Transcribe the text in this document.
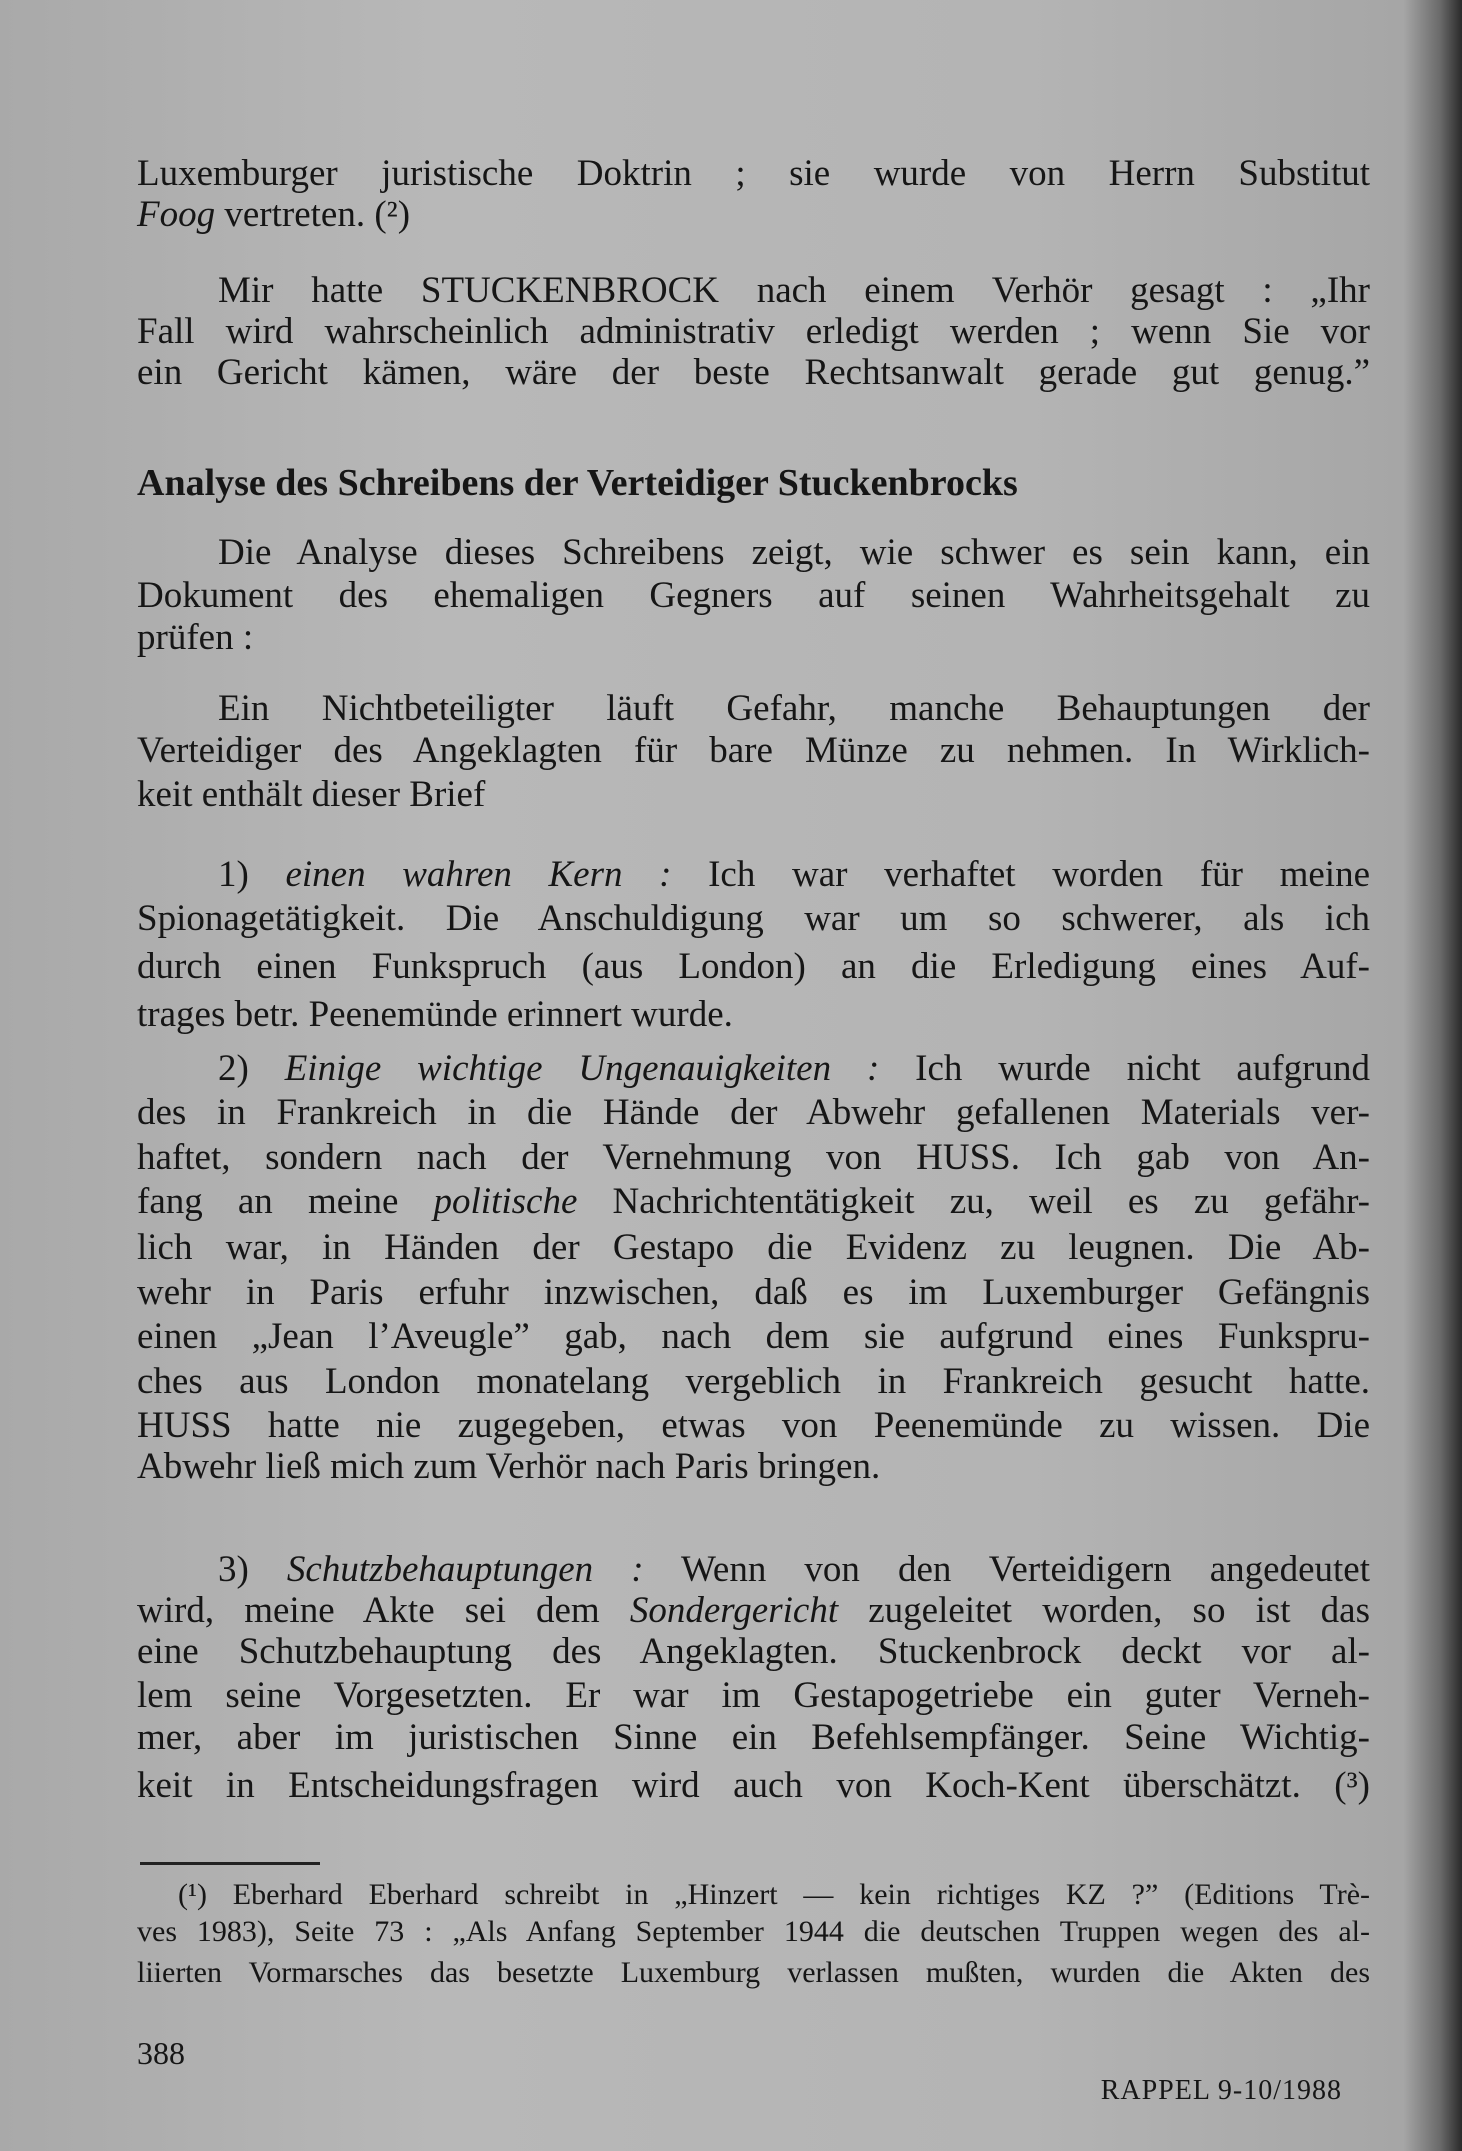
Luxemburger juristische Doktrin ; sie wurde von Herrn Substitut
Foog vertreten. (²)
Mir hatte STUCKENBROCK nach einem Verhör gesagt : „Ihr
Fall wird wahrscheinlich administrativ erledigt werden ; wenn Sie vor
ein Gericht kämen, wäre der beste Rechtsanwalt gerade gut genug.”
Analyse des Schreibens der Verteidiger Stuckenbrocks
Die Analyse dieses Schreibens zeigt, wie schwer es sein kann, ein
Dokument des ehemaligen Gegners auf seinen Wahrheitsgehalt zu
prüfen :
Ein Nichtbeteiligter läuft Gefahr, manche Behauptungen der
Verteidiger des Angeklagten für bare Münze zu nehmen. In Wirklich-
keit enthält dieser Brief
1) einen wahren Kern : Ich war verhaftet worden für meine
Spionagetätigkeit. Die Anschuldigung war um so schwerer, als ich
durch einen Funkspruch (aus London) an die Erledigung eines Auf-
trages betr. Peenemünde erinnert wurde.
2) Einige wichtige Ungenauigkeiten : Ich wurde nicht aufgrund
des in Frankreich in die Hände der Abwehr gefallenen Materials ver-
haftet, sondern nach der Vernehmung von HUSS. Ich gab von An-
fang an meine politische Nachrichtentätigkeit zu, weil es zu gefähr-
lich war, in Händen der Gestapo die Evidenz zu leugnen. Die Ab-
wehr in Paris erfuhr inzwischen, daß es im Luxemburger Gefängnis
einen „Jean l’Aveugle” gab, nach dem sie aufgrund eines Funkspru-
ches aus London monatelang vergeblich in Frankreich gesucht hatte.
HUSS hatte nie zugegeben, etwas von Peenemünde zu wissen. Die
Abwehr ließ mich zum Verhör nach Paris bringen.
3) Schutzbehauptungen : Wenn von den Verteidigern angedeutet
wird, meine Akte sei dem Sondergericht zugeleitet worden, so ist das
eine Schutzbehauptung des Angeklagten. Stuckenbrock deckt vor al-
lem seine Vorgesetzten. Er war im Gestapogetriebe ein guter Verneh-
mer, aber im juristischen Sinne ein Befehlsempfänger. Seine Wichtig-
keit in Entscheidungsfragen wird auch von Koch-Kent überschätzt. (³)
(¹) Eberhard Eberhard schreibt in „Hinzert — kein richtiges KZ ?” (Editions Trè-
ves 1983), Seite 73 : „Als Anfang September 1944 die deutschen Truppen wegen des al-
liierten Vormarsches das besetzte Luxemburg verlassen mußten, wurden die Akten des
388
RAPPEL 9-10/1988
